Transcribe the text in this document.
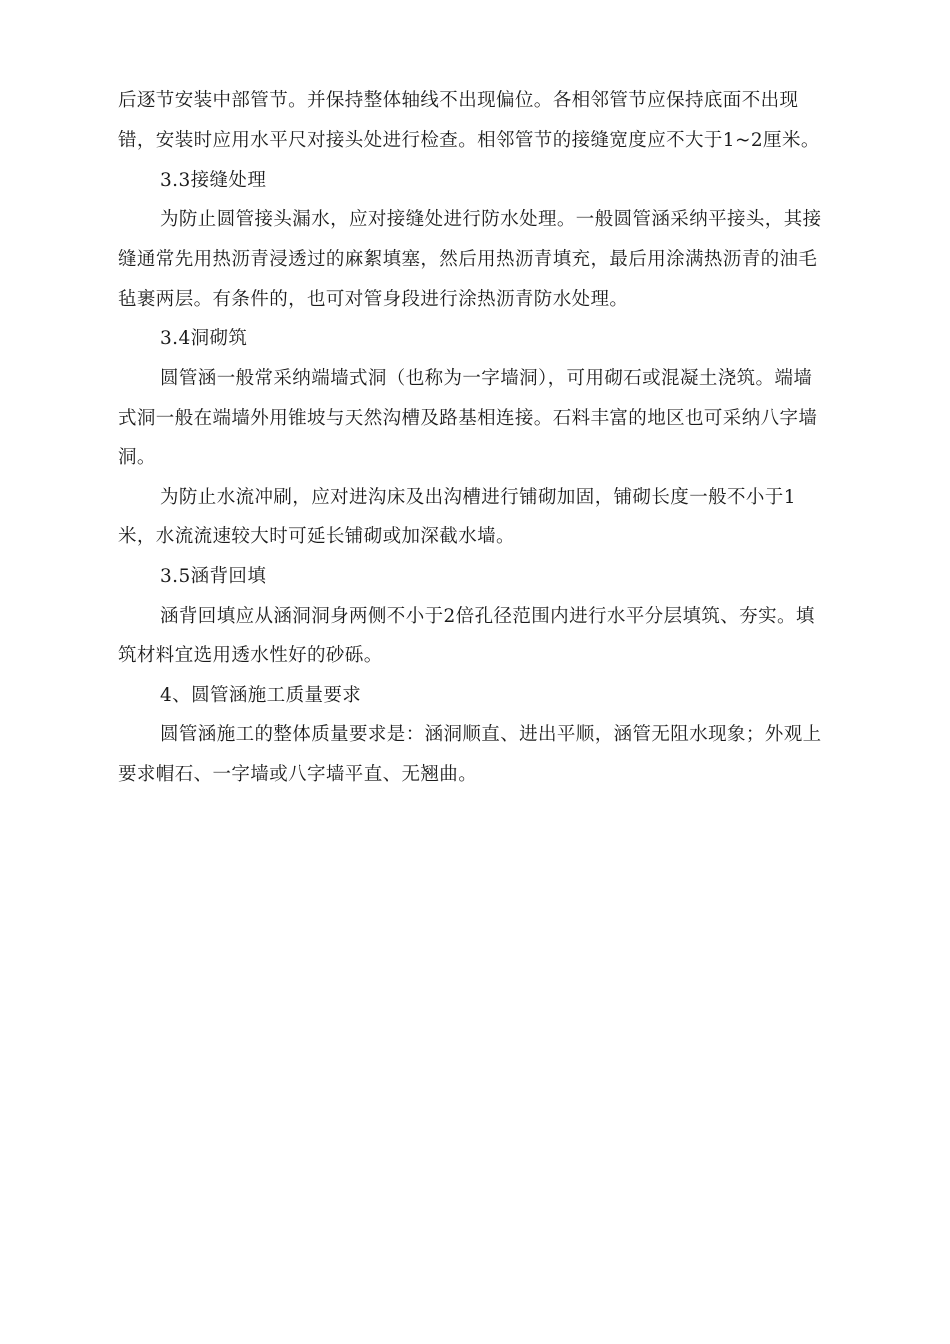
后逐节安装中部管节。并保持整体轴线不出现偏位。各相邻管节应保持底面不出现
错，安装时应用水平尺对接头处进行检查。相邻管节的接缝宽度应不大于1~2厘米。
3.3接缝处理
为防止圆管接头漏水，应对接缝处进行防水处理。一般圆管涵采纳平接头，其接
缝通常先用热沥青浸透过的麻絮填塞，然后用热沥青填充，最后用涂满热沥青的油毛
毡裹两层。有条件的，也可对管身段进行涂热沥青防水处理。
3.4洞砌筑
圆管涵一般常采纳端墙式洞（也称为一字墙洞），可用砌石或混凝土浇筑。端墙
式洞一般在端墙外用锥坡与天然沟槽及路基相连接。石料丰富的地区也可采纳八字墙
洞。
为防止水流冲刷，应对进沟床及出沟槽进行铺砌加固，铺砌长度一般不小于1
米，水流流速较大时可延长铺砌或加深截水墙。
3.5涵背回填
涵背回填应从涵洞洞身两侧不小于2倍孔径范围内进行水平分层填筑、夯实。填
筑材料宜选用透水性好的砂砾。
4、圆管涵施工质量要求
圆管涵施工的整体质量要求是：涵洞顺直、进出平顺，涵管无阻水现象；外观上
要求帽石、一字墙或八字墙平直、无翘曲。
